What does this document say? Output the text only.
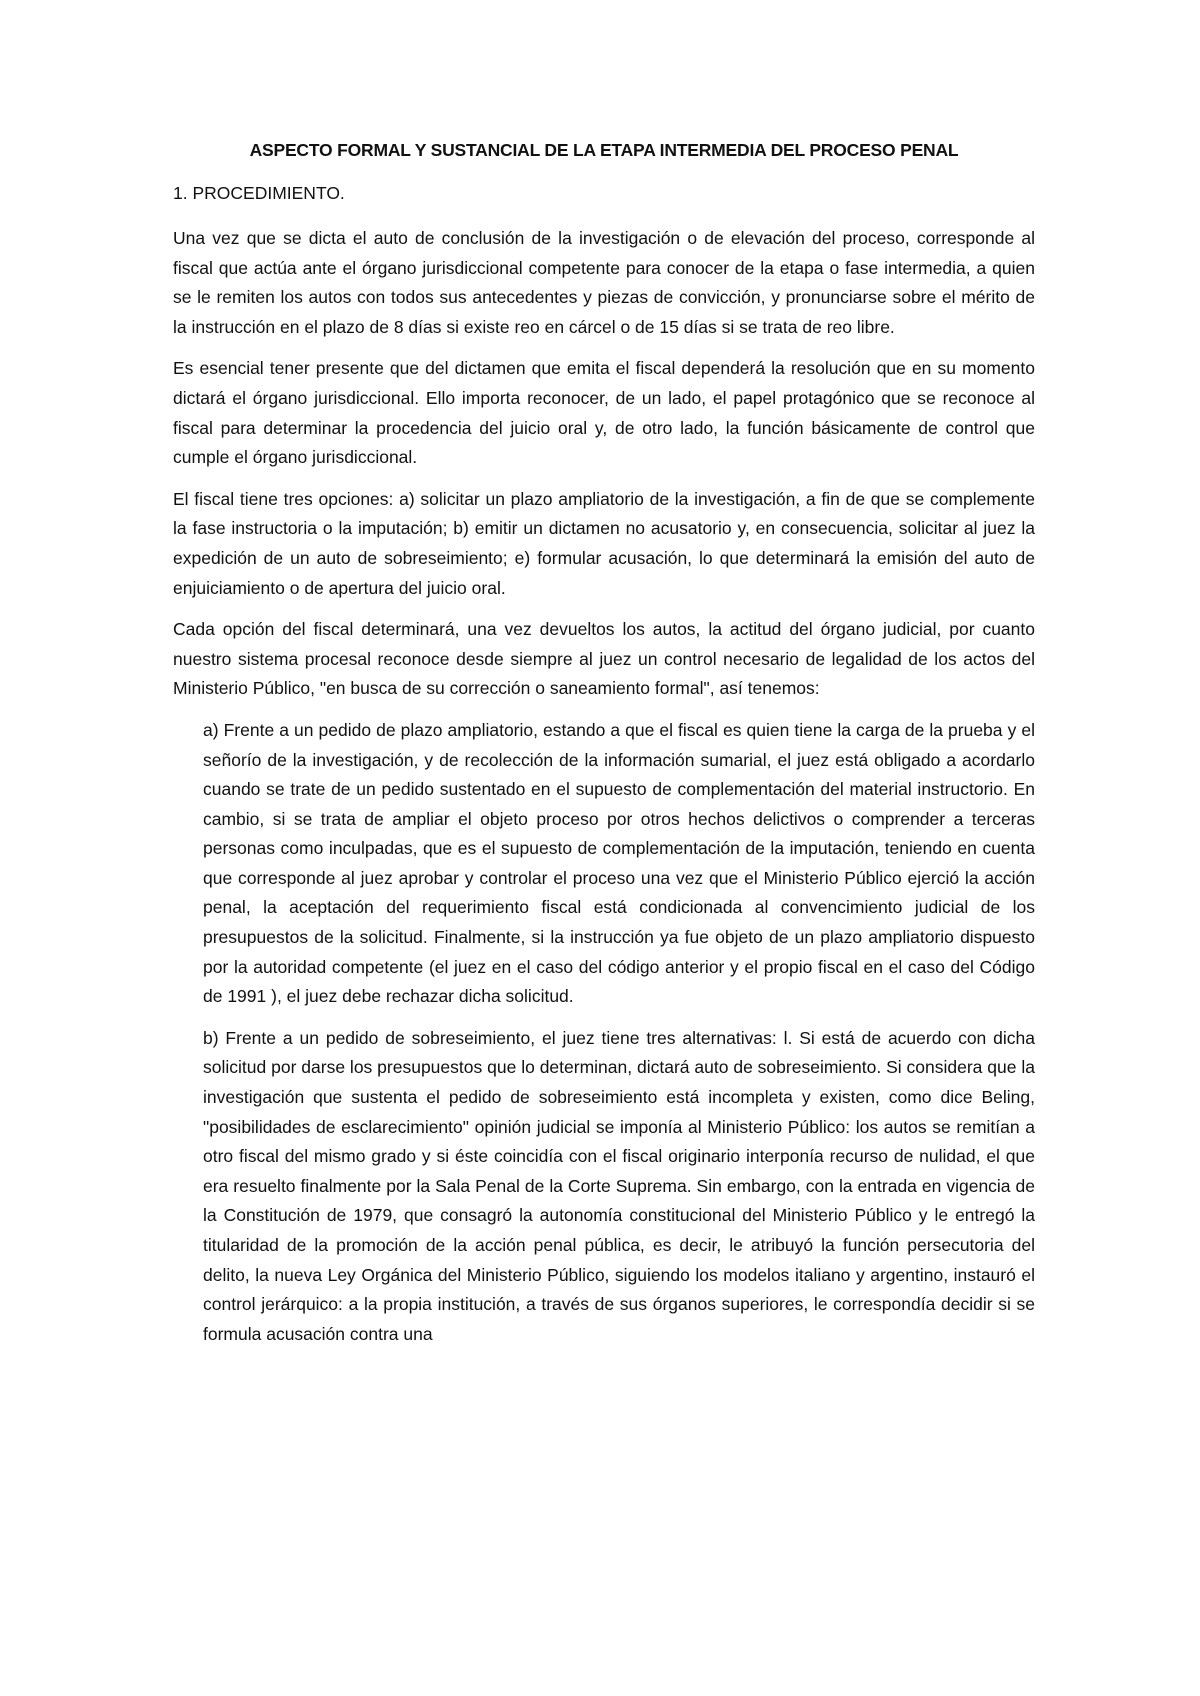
ASPECTO FORMAL Y SUSTANCIAL DE LA ETAPA INTERMEDIA DEL PROCESO PENAL
1. PROCEDIMIENTO.

Una vez que se dicta el auto de conclusión de la investigación o de elevación del proceso, corresponde al fiscal que actúa ante el órgano jurisdiccional competente para conocer de la etapa o fase intermedia, a quien se le remiten los autos con todos sus antecedentes y piezas de convicción, y pronunciarse sobre el mérito de la instrucción en el plazo de 8 días si existe reo en cárcel o de 15 días si se trata de reo libre.

Es esencial tener presente que del dictamen que emita el fiscal dependerá la resolución que en su momento dictará el órgano jurisdiccional. Ello importa reconocer, de un lado, el papel protagónico que se reconoce al fiscal para determinar la procedencia del juicio oral y, de otro lado, la función básicamente de control que cumple el órgano jurisdiccional.

El fiscal tiene tres opciones: a) solicitar un plazo ampliatorio de la investigación, a fin de que se complemente la fase instructoria o la imputación; b) emitir un dictamen no acusatorio y, en consecuencia, solicitar al juez la expedición de un auto de sobreseimiento; e) formular acusación, lo que determinará la emisión del auto de enjuiciamiento o de apertura del juicio oral.

Cada opción del fiscal determinará, una vez devueltos los autos, la actitud del órgano judicial, por cuanto nuestro sistema procesal reconoce desde siempre al juez un control necesario de legalidad de los actos del Ministerio Público, "en busca de su corrección o saneamiento formal", así tenemos:

a) Frente a un pedido de plazo ampliatorio, estando a que el fiscal es quien tiene la carga de la prueba y el señorío de la investigación, y de recolección de la información sumarial, el juez está obligado a acordarlo cuando se trate de un pedido sustentado en el supuesto de complementación del material instructorio. En cambio, si se trata de ampliar el objeto proceso por otros hechos delictivos o comprender a terceras personas como inculpadas, que es el supuesto de complementación de la imputación, teniendo en cuenta que corresponde al juez aprobar y controlar el proceso una vez que el Ministerio Público ejerció la acción penal, la aceptación del requerimiento fiscal está condicionada al convencimiento judicial de los presupuestos de la solicitud. Finalmente, si la instrucción ya fue objeto de un plazo ampliatorio dispuesto por la autoridad competente (el juez en el caso del código anterior y el propio fiscal en el caso del Código de 1991 ), el juez debe rechazar dicha solicitud.

b) Frente a un pedido de sobreseimiento, el juez tiene tres alternativas: l. Si está de acuerdo con dicha solicitud por darse los presupuestos que lo determinan, dictará auto de sobreseimiento. Si considera que la investigación que sustenta el pedido de sobreseimiento está incompleta y existen, como dice Beling, "posibilidades de esclarecimiento" opinión judicial se imponía al Ministerio Público: los autos se remitían a otro fiscal del mismo grado y si éste coincidía con el fiscal originario interponía recurso de nulidad, el que era resuelto finalmente por la Sala Penal de la Corte Suprema. Sin embargo, con la entrada en vigencia de la Constitución de 1979, que consagró la autonomía constitucional del Ministerio Público y le entregó la titularidad de la promoción de la acción penal pública, es decir, le atribuyó la función persecutoria del delito, la nueva Ley Orgánica del Ministerio Público, siguiendo los modelos italiano y argentino, instauró el control jerárquico: a la propia institución, a través de sus órganos superiores, le correspondía decidir si se formula acusación contra una
